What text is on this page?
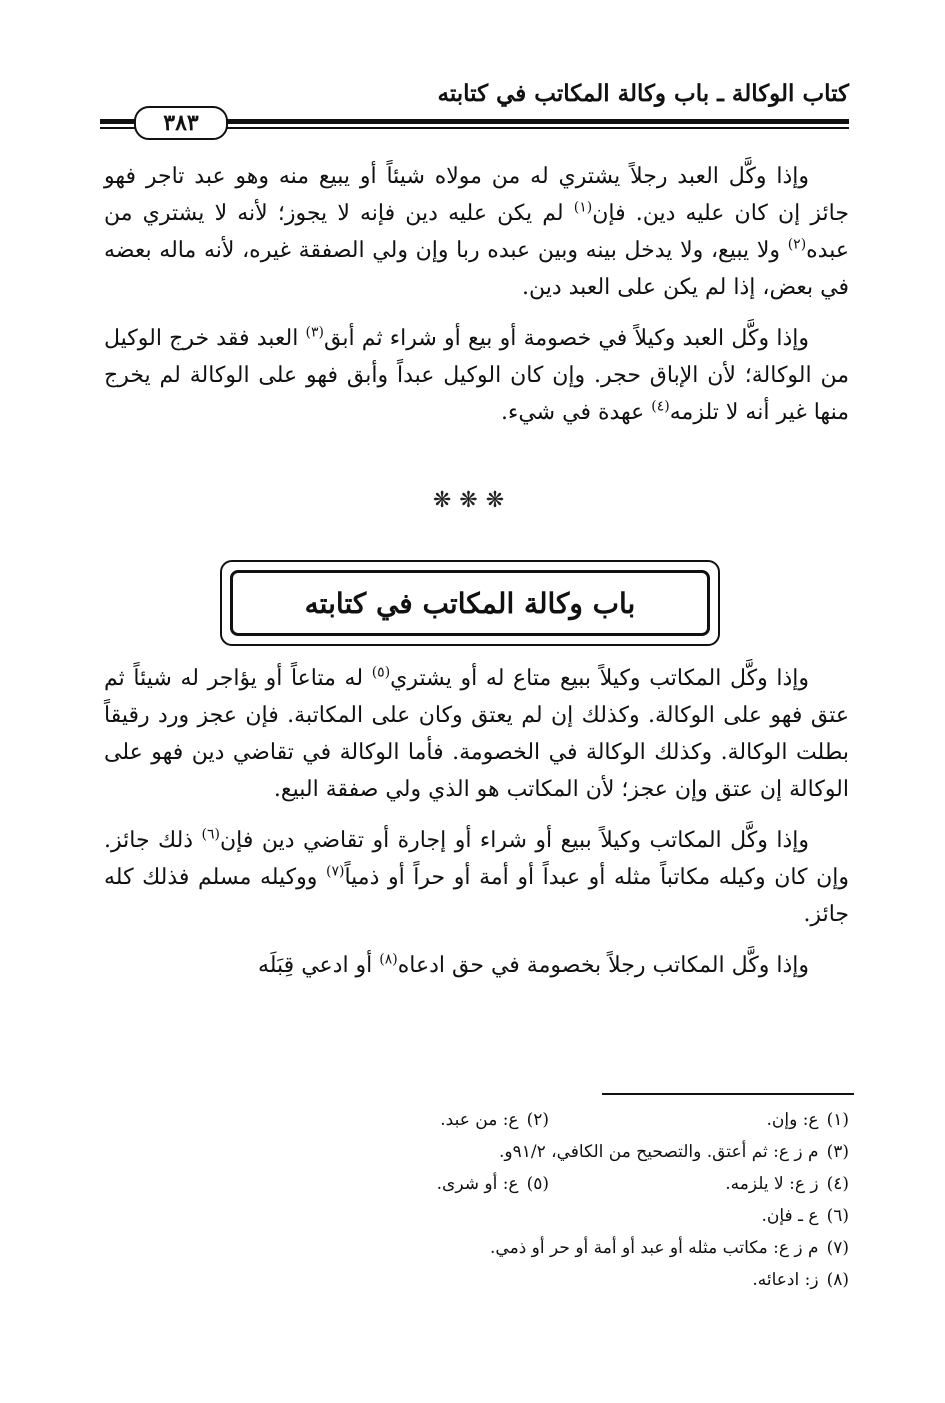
كتاب الوكالة ـ باب وكالة المكاتب في كتابته
٣٨٣

وإذا وكَّل العبد رجلاً يشتري له من مولاه شيئاً أو يبيع منه وهو عبد تاجر فهو جائز إن كان عليه دين. فإن$^{(١)}$ لم يكن عليه دين فإنه لا يجوز؛ لأنه لا يشتري من عبده$^{(٢)}$ ولا يبيع، ولا يدخل بينه وبين عبده ربا وإن ولي الصفقة غيره، لأنه ماله بعضه في بعض، إذا لم يكن على العبد دين.

وإذا وكَّل العبد وكيلاً في خصومة أو بيع أو شراء ثم أبق$^{(٣)}$ العبد فقد خرج الوكيل من الوكالة؛ لأن الإباق حجر. وإن كان الوكيل عبداً وأبق فهو على الوكالة لم يخرج منها غير أنه لا تلزمه$^{(٤)}$ عهدة في شيء.

❋❋❋
باب وكالة المكاتب في كتابته

وإذا وكَّل المكاتب وكيلاً ببيع متاع له أو يشتري$^{(٥)}$ له متاعاً أو يؤاجر له شيئاً ثم عتق فهو على الوكالة. وكذلك إن لم يعتق وكان على المكاتبة. فإن عجز ورد رقيقاً بطلت الوكالة. وكذلك الوكالة في الخصومة. فأما الوكالة في تقاضي دين فهو على الوكالة إن عتق وإن عجز؛ لأن المكاتب هو الذي ولي صفقة البيع.

وإذا وكَّل المكاتب وكيلاً ببيع أو شراء أو إجارة أو تقاضي دين فإن$^{(٦)}$ ذلك جائز. وإن كان وكيله مكاتباً مثله أو عبداً أو أمة أو حراً أو ذمياً$^{(٧)}$ ووكيله مسلم فذلك كله جائز.

وإذا وكَّل المكاتب رجلاً بخصومة في حق ادعاه$^{(٨)}$ أو ادعي قِبَلَه

(١)ع: وإن.(٢)ع: من عبد.
(٣)م ز ع: ثم أعتق. والتصحيح من الكافي، ٩١/٢و.
(٤)ز ع: لا يلزمه.(٥)ع: أو شرى.
(٦)ع ـ فإن.
(٧)م ز ع: مكاتب مثله أو عبد أو أمة أو حر أو ذمي.
(٨)ز: ادعائه.
